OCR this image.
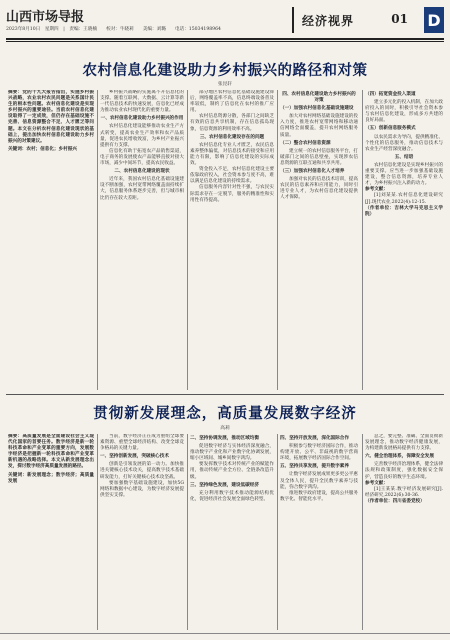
山西市场导报
2023年8月10日　星期四　|　责编：王晓楠　　校对：牛晓莉　　美编：刘璐　　电话：15034198964
经济视界	01 D
农村信息化建设助力乡村振兴的路径和对策
张昆轩

摘要：党的十九大报告指出，实施乡村振兴战略，农业农村农民问题是关系国计民生的根本性问题。农村信息化建设是实现乡村振兴的重要途径。当前农村信息化建设取得了一定成效，但仍存在基础设施不完善、信息资源整合不足、人才匮乏等问题。本文在分析农村信息化建设现状的基础上，提出加快农村信息化建设助力乡村振兴的对策建议。

关键词：农村；信息化；乡村振兴

乡村振兴战略的实施离不开信息化的支撑。随着互联网、大数据、云计算等新一代信息技术的快速发展，信息化已经成为推动农业农村现代化的重要力量。

一、农村信息化建设助力乡村振兴的作用

农村信息化建设能够推动农业生产方式转变，提高农业生产效率和农产品质量，促进农民增收致富，为乡村产业振兴提供有力支撑。

信息化有助于拓宽农产品销售渠道，电子商务的发展使农产品能够直接对接大市场，减少中间环节，提高农民收益。

二、农村信息化建设的现状

近年来，我国农村信息化基础设施建设不断加强，农村宽带网络覆盖面持续扩大，信息服务体系逐步完善，但与城市相比仍存在较大差距。

部分地区农村信息化基础设施建设滞后，网络覆盖率不高，信息终端设备普及率较低，制约了信息化在农村的推广应用。

农村信息资源分散，各部门之间缺乏有效的信息共享机制，存在信息孤岛现象，信息资源的利用效率不高。

三、农村信息化建设存在的问题

农村信息化专业人才匮乏，农民信息素养整体偏低，对信息技术的接受和应用能力有限，影响了信息化建设的实际成效。

资金投入不足，农村信息化建设主要依靠政府投入，社会资本参与度不高，难以满足信息化建设的持续需求。

信息服务内容针对性不强，与农民实际需求存在一定脱节，服务的精准性和实用性有待提高。

四、农村信息化建设助力乡村振兴的对策

（一）加强农村信息化基础设施建设

加大对农村网络基础设施建设的投入力度，推进农村宽带网络和移动通信网络全面覆盖，提升农村网络服务质量。

（二）整合农村信息资源

建立统一的农村信息服务平台，打破部门之间的信息壁垒，实现涉农信息资源的互联互通和共享共用。

（三）加强农村信息化人才培养

加强对农民的信息技术培训，提高农民的信息素养和应用能力，同时引进专业人才，为农村信息化建设提供人才保障。

（四）拓宽资金投入渠道

建立多元化的投入机制，在加大政府投入的同时，积极引导社会资本参与农村信息化建设，形成多方共建的良好局面。

（五）创新信息服务模式

以农民需求为导向，提供精准化、个性化的信息服务，推动信息技术与农业生产经营深度融合。

五、结语

农村信息化建设是实现乡村振兴的重要支撑。应当进一步加强基础设施建设，整合信息资源，培养专业人才，为乡村振兴注入新的动力。

参考文献：

[1]刘某某.农村信息化建设研究[J].现代农业,2022(4):12-15.

（作者单位：吉林大学马克思主义学院）

贯彻新发展理念，高质量发展数字经济
高莉

摘要：高质量发展是全面建设社会主义现代化国家的首要任务。数字经济是新一轮科技革命和产业变革的重要方向，发展数字经济是把握新一轮科技革命和产业变革新机遇的战略选择。本文从新发展理念出发，探讨数字经济高质量发展的路径。

关键词：新发展理念；数字经济；高质量发展

当前，数字经济正在成为重组全球要素资源、重塑全球经济结构、改变全球竞争格局的关键力量。

一、坚持创新发展，突破核心技术

创新是引领发展的第一动力。加快推进关键核心技术攻关，提高数字技术基础研发能力，打好关键核心技术攻坚战。

要加强数字基础设施建设，加快5G网络和数据中心建设，为数字经济发展提供坚实支撑。

二、坚持协调发展，推动区域均衡

促进数字经济与实体经济深度融合，推动数字产业化和产业数字化协调发展，缩小区域间、城乡间数字鸿沟。

要发挥数字技术对传统产业的赋能作用，推动传统产业全方位、全链条改造升级。

三、坚持绿色发展，建设低碳经济

充分利用数字技术推动能源结构优化，促进经济社会发展全面绿色转型。

四、坚持开放发展，深化国际合作

积极参与数字经济国际合作，推动构建开放、公平、非歧视的数字营商环境，拓展数字经济国际合作空间。

五、坚持共享发展，提升数字素养

让数字经济发展成果更多更公平惠及全体人民，提升全民数字素养与技能，弥合数字鸿沟。

推进数字政府建设，提高公共服务数字化、智能化水平。

总之，要完整、准确、全面贯彻新发展理念，推动数字经济健康发展，为构建新发展格局提供有力支撑。

六、健全治理体系，保障安全发展

完善数字经济治理体系，健全法律法规和政策制度，强化数据安全保护，营造良好的数字生态环境。

参考文献：

[1]王某某.数字经济发展研究[J].经济研究,2022(6):30-36.

（作者单位：四川省委党校）
